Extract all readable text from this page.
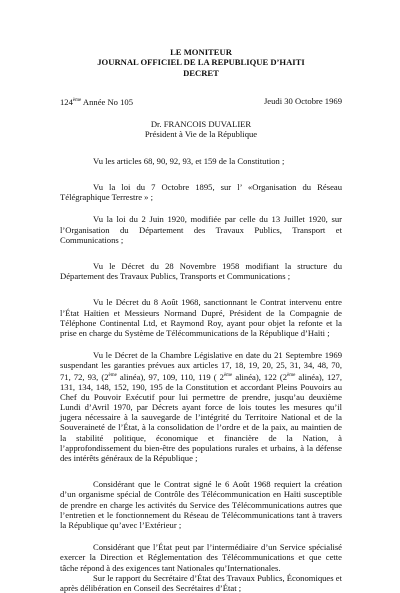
LE MONITEUR
JOURNAL OFFICIEL DE LA REPUBLIQUE D’HAITI
DECRET
124ème Année No 105	Jeudi 30 Octobre 1969
Dr. FRANCOIS DUVALIER
Président à Vie de la République

Vu les articles 68, 90, 92, 93, et 159 de la Constitution ;

Vu la loi du 7 Octobre 1895, sur l’ «Organisation du Réseau Télégraphique Terrestre » ;

Vu la loi du 2 Juin 1920, modifiée par celle du 13 Juillet 1920, sur l’Organisation du Département des Travaux Publics, Transport et Communications ;

Vu le Décret du 28 Novembre 1958 modifiant la structure du Département des Travaux Publics, Transports et Communications ;

Vu le Décret du 8 Août 1968, sanctionnant le Contrat intervenu entre l’État Haïtien et Messieurs Normand Dupré, Président de la Compagnie de Téléphone Continental Ltd, et Raymond Roy, ayant pour objet la refonte et la prise en charge du Système de Télécommunications de la République d’Haïti ;

Vu le Décret de la Chambre Législative en date du 21 Septembre 1969 suspendant les garanties prévues aux articles 17, 18, 19, 20, 25, 31, 34, 48, 70, 71, 72, 93, (2ème alinéa), 97, 109, 110, 119 ( 2ème alinéa), 122 (2ème alinéa), 127, 131, 134, 148, 152, 190, 195 de la Constitution et accordant Pleins Pouvoirs au Chef du Pouvoir Exécutif pour lui permettre de prendre, jusqu’au deuxième Lundi d’Avril 1970, par Décrets ayant force de lois toutes les mesures qu’il jugera nécessaire à la sauvegarde de l’intégrité du Territoire National et de la Souveraineté de l’État, à la consolidation de l’ordre et de la paix, au maintien de la stabilité politique, économique et financière de la Nation, à l’approfondissement du bien-être des populations rurales et urbains, à la défense des intérêts généraux de la République ;

Considérant que le Contrat signé le 6 Août 1968 requiert la création d’un organisme spécial de Contrôle des Télécommunication en Haïti susceptible de prendre en charge les activités du Service des Télécommunications autres que l’entretien et le fonctionnement du Réseau de Télécommunications tant à travers la République qu’avec l’Extérieur ;

Considérant que l’État peut par l’intermédiaire d’un Service spécialisé exercer la Direction et Réglementation des Télécommunications et que cette tâche répond à des exigences tant Nationales qu’Internationales.

Sur le rapport du Secrétaire d’État des Travaux Publics, Économiques et après délibération en Conseil des Secrétaires d’État ;
